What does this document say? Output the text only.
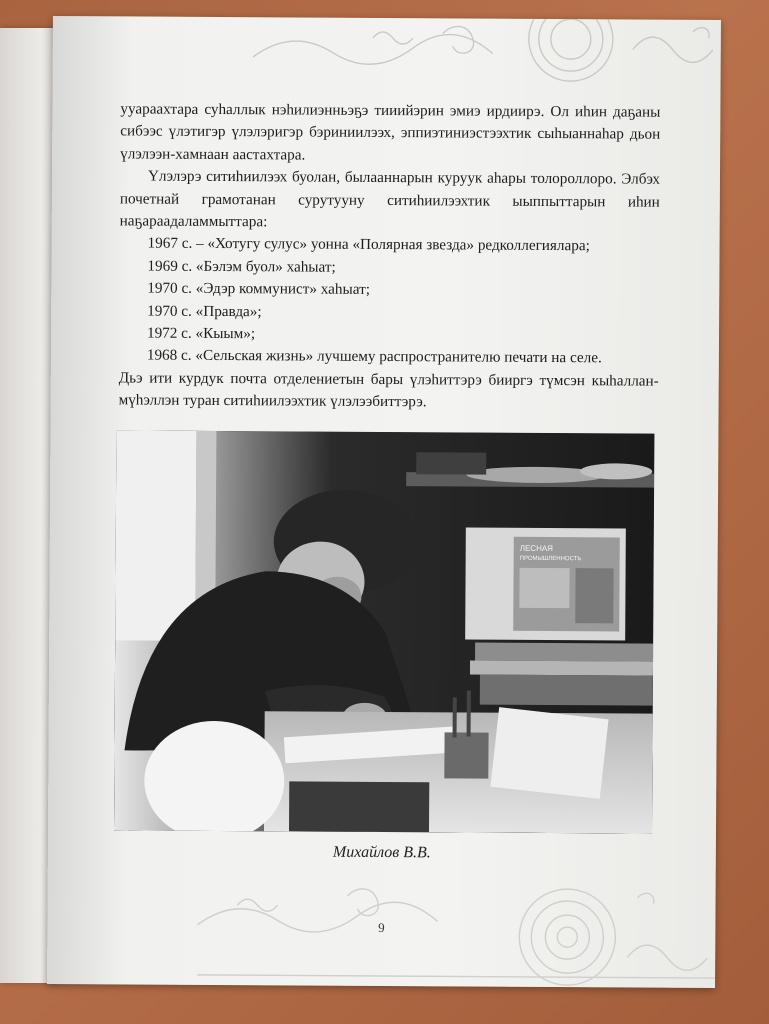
ууараахтара суһаллык нэһилиэнньэҕэ тииийэрин эмиэ ирдиирэ. Ол иһин даҕаны сибээс үлэтигэр үлэлэригэр бэриниилээх, эппиэтиниэстээхтик сыһыаннаһар дьон үлэлээн-хамнаан аастахтара.

Үлэлэрэ ситиһиилээх буолан, былааннарын куруук аһары толороллоро. Элбэх почетнай грамотанан сурутууну ситиһиилээхтик ыыппыттарын иһин наҕараадаламмыттара:

1967 с. – «Хотугу сулус» уонна «Полярная звезда» редколлегиялара;

1969 с. «Бэлэм буол» хаһыат;

1970 с. «Эдэр коммунист» хаһыат;

1970 с. «Правда»;

1972 с. «Кыым»;

1968 с. «Сельская жизнь» лучшему распространителю печати на селе.

Дьэ ити курдук почта отделениетын бары үлэһиттэрэ бииргэ түмсэн кыһаллан-мүһэллэн туран ситиһиилээхтик үлэлээбиттэрэ.

ЛЕСНАЯ
ПРОМЫШЛЕННОСТЬ
Михайлов В.В.
9
